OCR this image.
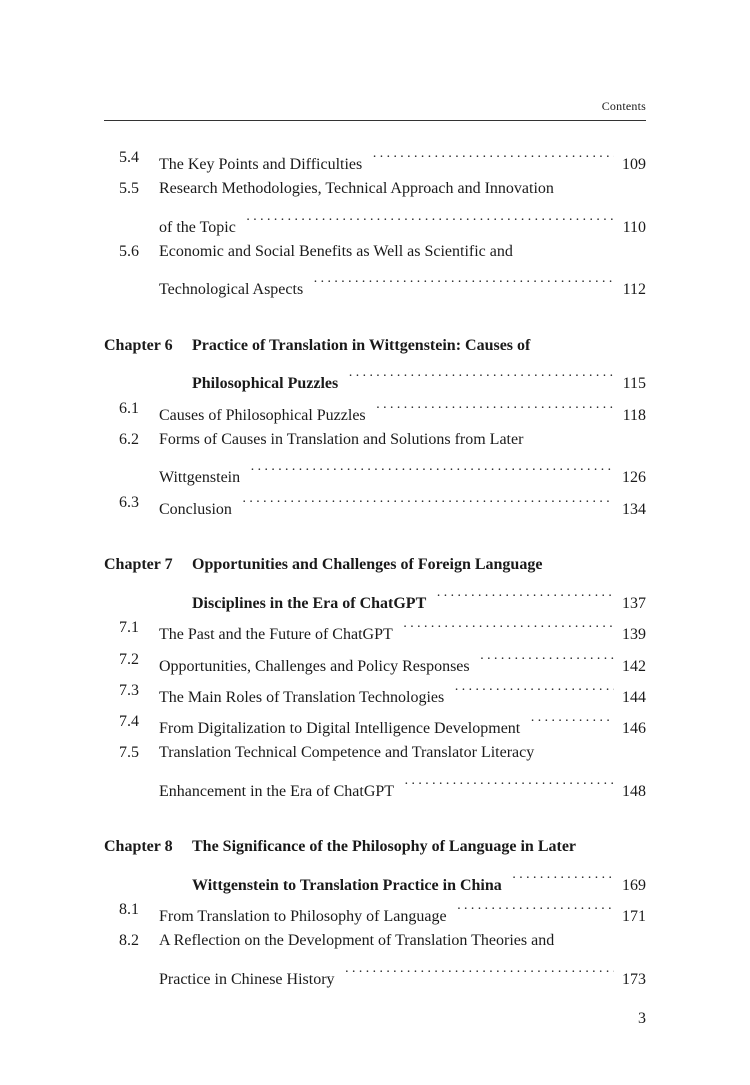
Contents
5.4	The Key Points and Difficulties ·····	109
5.5	Research Methodologies, Technical Approach and Innovation
of the Topic ·····	110
5.6	Economic and Social Benefits as Well as Scientific and
Technological Aspects ·····	112
Chapter 6 Practice of Translation in Wittgenstein: Causes of
Philosophical Puzzles ·····	115
6.1	Causes of Philosophical Puzzles ·····	118
6.2	Forms of Causes in Translation and Solutions from Later
Wittgenstein ·····	126
6.3	Conclusion ·····	134
Chapter 7 Opportunities and Challenges of Foreign Language
Disciplines in the Era of ChatGPT ·····	137
7.1	The Past and the Future of ChatGPT ·····	139
7.2	Opportunities, Challenges and Policy Responses ·····	142
7.3	The Main Roles of Translation Technologies ·····	144
7.4	From Digitalization to Digital Intelligence Development ·····	146
7.5	Translation Technical Competence and Translator Literacy
Enhancement in the Era of ChatGPT ·····	148
Chapter 8 The Significance of the Philosophy of Language in Later
Wittgenstein to Translation Practice in China ·····	169
8.1	From Translation to Philosophy of Language ·····	171
8.2	A Reflection on the Development of Translation Theories and
Practice in Chinese History ·····	173
3
